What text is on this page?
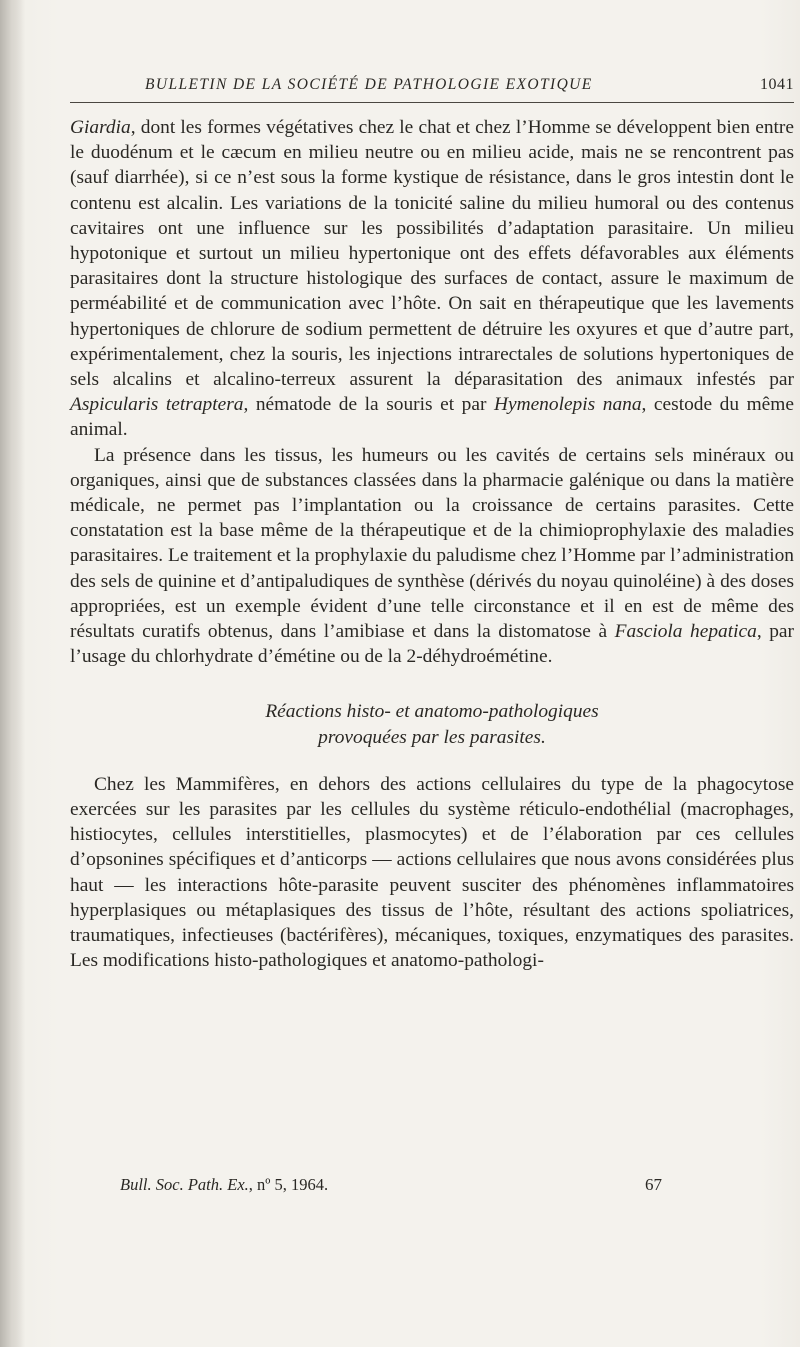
BULLETIN DE LA SOCIÉTÉ DE PATHOLOGIE EXOTIQUE	1041

Giardia, dont les formes végétatives chez le chat et chez l’Homme se développent bien entre le duodénum et le cæcum en milieu neutre ou en milieu acide, mais ne se rencontrent pas (sauf diarrhée), si ce n’est sous la forme kystique de résistance, dans le gros intestin dont le contenu est alcalin. Les variations de la tonicité saline du milieu humoral ou des contenus cavitaires ont une influence sur les possibilités d’adaptation parasitaire. Un milieu hypotonique et surtout un milieu hypertonique ont des effets défavorables aux éléments parasitaires dont la structure histologique des surfaces de contact, assure le maximum de perméabilité et de communication avec l’hôte. On sait en thérapeutique que les lavements hypertoniques de chlorure de sodium permettent de détruire les oxyures et que d’autre part, expérimentalement, chez la souris, les injections intrarectales de solutions hypertoniques de sels alcalins et alcalino-terreux assurent la déparasitation des animaux infestés par Aspicularis tetraptera, nématode de la souris et par Hymenolepis nana, cestode du même animal.

La présence dans les tissus, les humeurs ou les cavités de certains sels minéraux ou organiques, ainsi que de substances classées dans la pharmacie galénique ou dans la matière médicale, ne permet pas l’implantation ou la croissance de certains parasites. Cette constatation est la base même de la thérapeutique et de la chimioprophylaxie des maladies parasitaires. Le traitement et la prophylaxie du paludisme chez l’Homme par l’administration des sels de quinine et d’antipaludiques de synthèse (dérivés du noyau quinoléine) à des doses appropriées, est un exemple évident d’une telle circonstance et il en est de même des résultats curatifs obtenus, dans l’amibiase et dans la distomatose à Fasciola hepatica, par l’usage du chlorhydrate d’émétine ou de la 2-déhydroémétine.

Réactions histo- et anatomo-pathologiques
provoquées par les parasites.

Chez les Mammifères, en dehors des actions cellulaires du type de la phagocytose exercées sur les parasites par les cellules du système réticulo-endothélial (macrophages, histiocytes, cellules interstitielles, plasmocytes) et de l’élaboration par ces cellules d’opsonines spécifiques et d’anticorps — actions cellulaires que nous avons considérées plus haut — les interactions hôte-parasite peuvent susciter des phénomènes inflammatoires hyperplasiques ou métaplasiques des tissus de l’hôte, résultant des actions spoliatrices, traumatiques, infectieuses (bactérifères), mécaniques, toxiques, enzymatiques des parasites. Les modifications histo-pathologiques et anatomo-pathologi-

Bull. Soc. Path. Ex., nº 5, 1964.	67
